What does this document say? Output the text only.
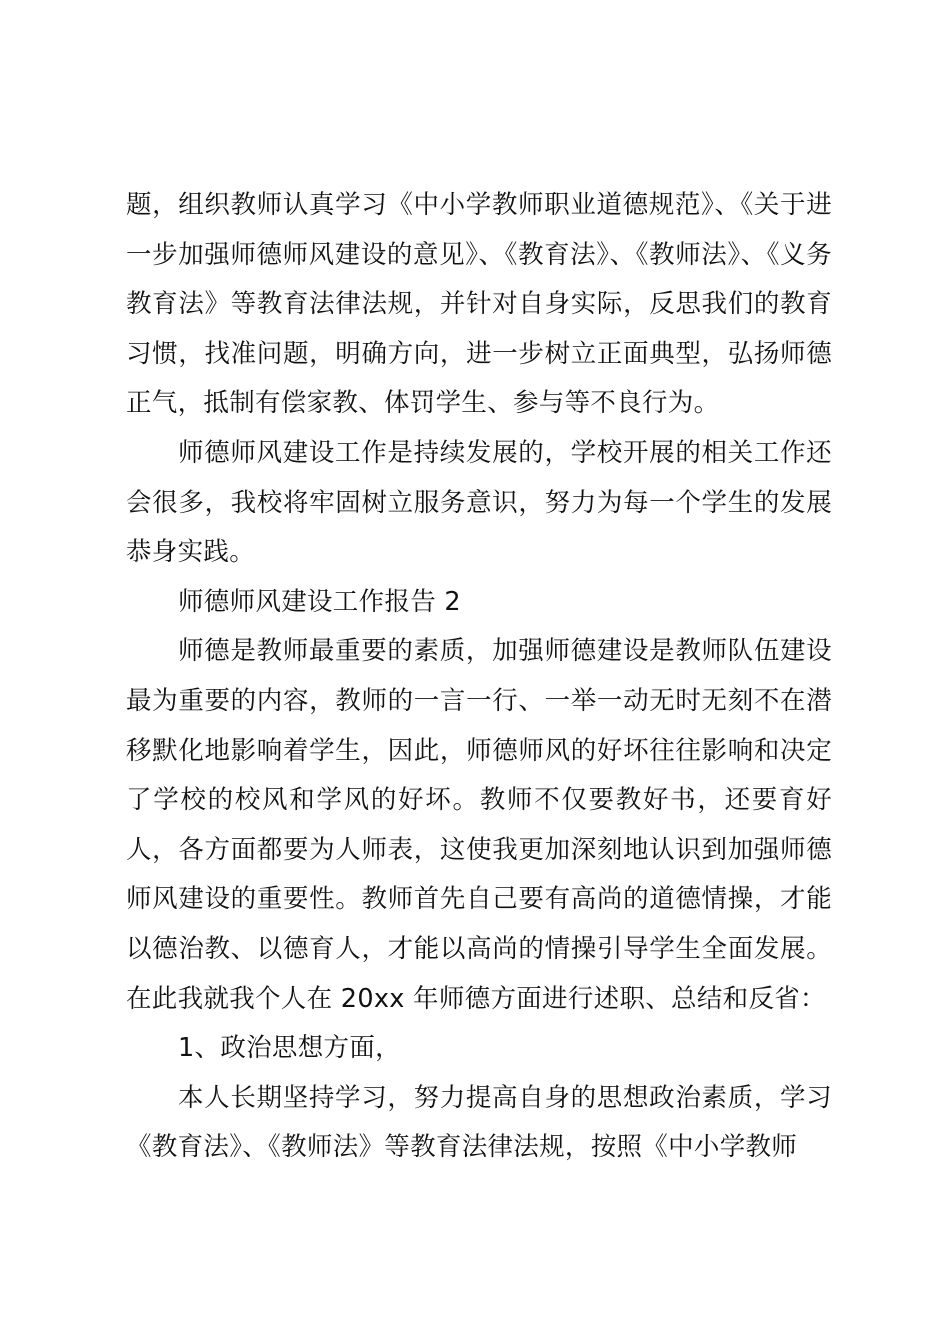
题，组织教师认真学习《中小学教师职业道德规范》、《关于进一步加强师德师风建设的意见》、《教育法》、《教师法》、《义务教育法》等教育法律法规，并针对自身实际，反思我们的教育习惯，找准问题，明确方向，进一步树立正面典型，弘扬师德正气，抵制有偿家教、体罚学生、参与等不良行为。

师德师风建设工作是持续发展的，学校开展的相关工作还会很多，我校将牢固树立服务意识，努力为每一个学生的发展恭身实践。

师德师风建设工作报告 2

师德是教师最重要的素质，加强师德建设是教师队伍建设最为重要的内容，教师的一言一行、一举一动无时无刻不在潜移默化地影响着学生，因此，师德师风的好坏往往影响和决定了学校的校风和学风的好坏。教师不仅要教好书，还要育好人，各方面都要为人师表，这使我更加深刻地认识到加强师德师风建设的重要性。教师首先自己要有高尚的道德情操，才能以德治教、以德育人，才能以高尚的情操引导学生全面发展。在此我就我个人在 20xx 年师德方面进行述职、总结和反省：

1、政治思想方面，

本人长期坚持学习，努力提高自身的思想政治素质，学习《教育法》、《教师法》等教育法律法规，按照《中小学教师
